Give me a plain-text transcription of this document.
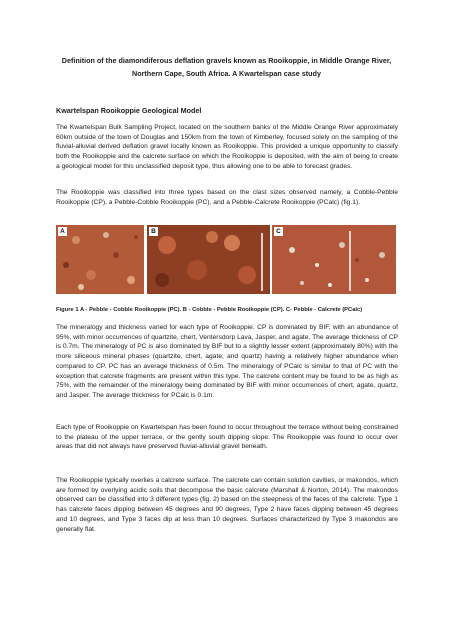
Definition of the diamondiferous deflation gravels known as Rooikoppie, in Middle Orange River, Northern Cape, South Africa. A Kwartelspan case study
Kwartelspan Rooikoppie Geological Model

The Kwartelspan Bulk Sampling Project, located on the southern banks of the Middle Orange River approximately 60km outside of the town of Douglas and 150km from the town of Kimberley, focused solely on the sampling of the fluvial-alluvial derived deflation gravel locally known as Rooikoppie. This provided a unique opportunity to classify both the Rooikoppie and the calcrete surface on which the Rooikoppie is deposited, with the aim of being to create a geological model for this unclassified deposit type, thus allowing one to be able to forecast grades.

The Rooikoppie was classified into three types based on the clast sizes observed namely, a Cobble-Pebble Rooikoppie (CP), a Pebble-Cobble Rooikoppie (PC), and a Pebble-Calcrete Rooikoppie (PCalc) (fig.1).

A	B	C
Figure 1 A - Pebble - Cobble Rooikoppie (PC). B - Cobble - Pebble Rooikoppie (CP). C- Pebble - Calcrete (PCalc)

The mineralogy and thickness varied for each type of Rooikoppie. CP is dominated by BIF, with an abundance of 95%, with minor occurrences of quartzite, chert, Ventersdorp Lava, Jasper, and agate. The average thickness of CP is 0.7m. The mineralogy of PC is also dominated by BIF but to a slightly lesser extent (approximately 80%) with the more siliceous mineral phases (quartzite, chert, agate, and quartz) having a relatively higher abundance when compared to CP. PC has an average thickness of 0.5m. The mineralogy of PCalc is similar to that of PC with the exception that calcrete fragments are present within this type. The calcrete content may be found to be as high as 75%, with the remainder of the mineralogy being dominated by BIF with minor occurrences of chert, agate, quartz, and Jasper. The average thickness for PCalc is 0.1m.

Each type of Rooikoppie on Kwartelspan has been found to occur throughout the terrace without being constrained to the plateau of the upper terrace, or the gently south dipping slope. The Rooikoppie was found to occur over areas that did not always have preserved fluvial-alluvial gravel beneath.

The Rooikoppie typically overlies a calcrete surface. The calcrete can contain solution cavities, or makondos, which are formed by overlying acidic soils that decompose the basic calcrete (Marshall & Norton, 2014). The makondos observed can be classified into 3 different types (fig. 2) based on the steepness of the faces of the calcrete. Type 1 has calcrete faces dipping between 45 degrees and 90 degrees, Type 2 have faces dipping between 45 degrees and 10 degrees, and Type 3 faces dip at less than 10 degrees. Surfaces characterized by Type 3 makondos are generally flat.
